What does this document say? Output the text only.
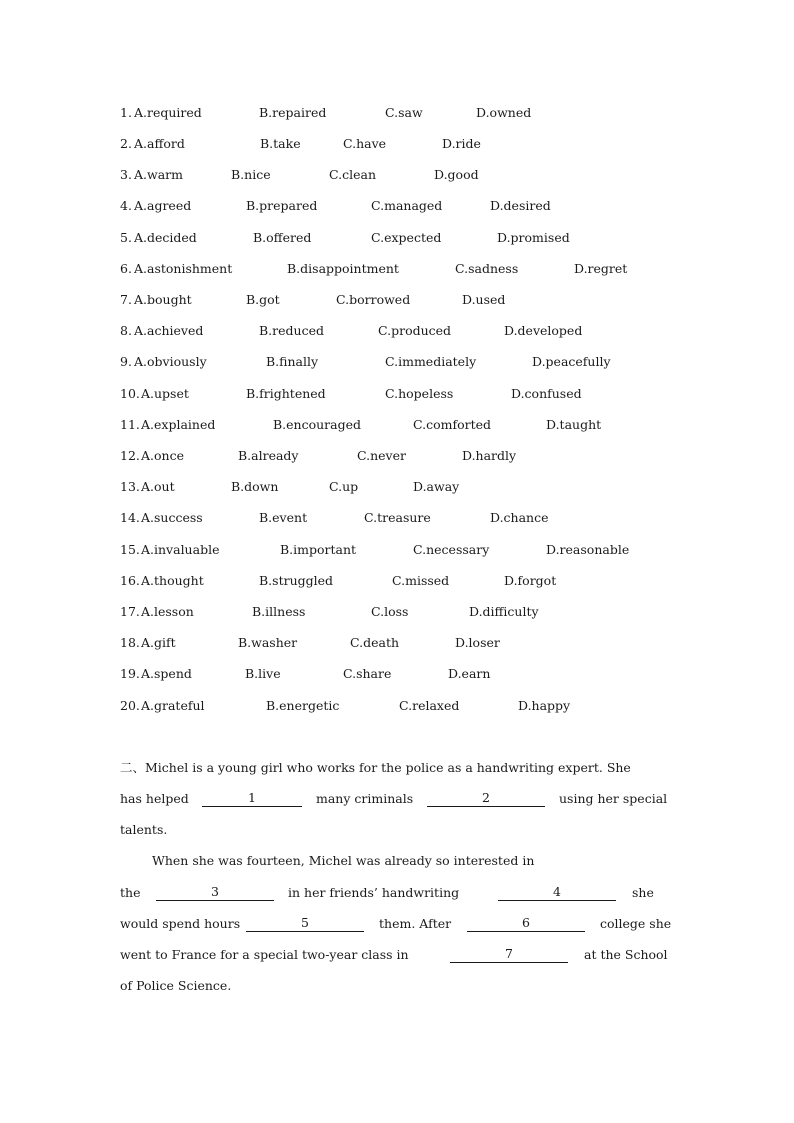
1. A.required	B.repaired	C.saw	D.owned
2. A.afford	B.take	C.have	D.ride
3. A.warm	B.nice	C.clean	D.good
4. A.agreed	B.prepared	C.managed	D.desired
5. A.decided	B.offered	C.expected	D.promised
6. A.astonishment	B.disappointment	C.sadness	D.regret
7. A.bought	B.got	C.borrowed	D.used
8. A.achieved	B.reduced	C.produced	D.developed
9. A.obviously	B.finally	C.immediately	D.peacefully
10. A.upset	B.frightened	C.hopeless	D.confused
11. A.explained	B.encouraged	C.comforted	D.taught
12. A.once	B.already	C.never	D.hardly
13. A.out	B.down	C.up	D.away
14. A.success	B.event	C.treasure	D.chance
15. A.invaluable	B.important	C.necessary	D.reasonable
16. A.thought	B.struggled	C.missed	D.forgot
17. A.lesson	B.illness	C.loss	D.difficulty
18. A.gift	B.washer	C.death	D.loser
19. A.spend	B.live	C.share	D.earn
20. A.grateful	B.energetic	C.relaxed	D.happy
二、Michel is a young girl who works for the police as a handwriting expert. She
has helped	1	many criminals	2	using her special
talents.
When she was fourteen, Michel was already so interested in
the	3	in her friends’ handwriting	4	she
would spend hours	5	them. After	6	college she
went to France for a special two-year class in	7	at the School
of Police Science.
